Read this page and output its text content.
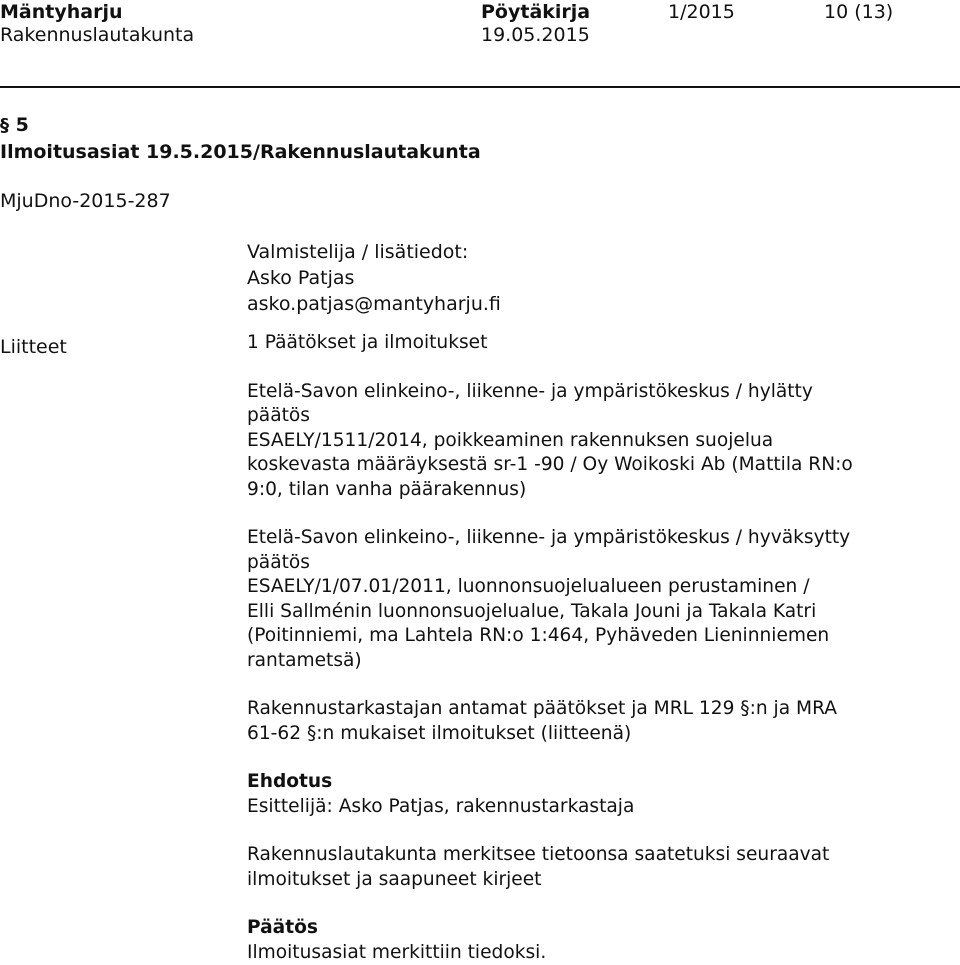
Mäntyharju
Rakennuslautakunta
Pöytäkirja
19.05.2015
1/2015	10 (13)
§ 5
Ilmoitusasiat 19.5.2015/Rakennuslautakunta
MjuDno-2015-287
Valmistelija / lisätiedot:
Asko Patjas
asko.patjas@mantyharju.fi
Liitteet	1 Päätökset ja ilmoitukset

Etelä-Savon elinkeino-, liikenne- ja ympäristökeskus / hylätty

päätös

ESAELY/1511/2014, poikkeaminen rakennuksen suojelua

koskevasta määräyksestä sr-1 -90 / Oy Woikoski Ab (Mattila RN:o

9:0, tilan vanha päärakennus)

Etelä-Savon elinkeino-, liikenne- ja ympäristökeskus / hyväksytty

päätös

ESAELY/1/07.01/2011, luonnonsuojelualueen perustaminen /

Elli Sallménin luonnonsuojelualue, Takala Jouni ja Takala Katri

(Poitinniemi, ma Lahtela RN:o 1:464, Pyhäveden Lieninniemen

rantametsä)

Rakennustarkastajan antamat päätökset ja MRL 129 §:n ja MRA

61-62 §:n mukaiset ilmoitukset (liitteenä)

Ehdotus

Esittelijä: Asko Patjas, rakennustarkastaja

Rakennuslautakunta merkitsee tietoonsa saatetuksi seuraavat

ilmoitukset ja saapuneet kirjeet

Päätös

Ilmoitusasiat merkittiin tiedoksi.
